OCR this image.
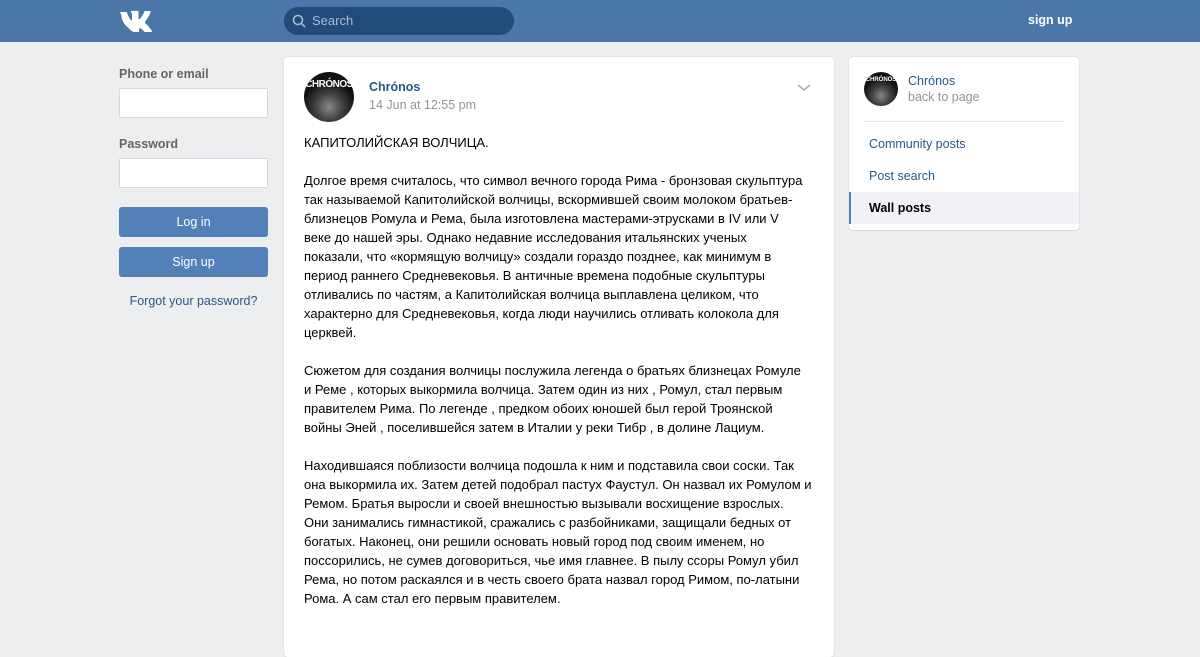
Search	sign up
Phone or email
Password
Log in
Sign up
Forgot your password?
CHRÓNOS Chrónos
14 Jun at 12:55 pm
КАПИТОЛИЙСКАЯ ВОЛЧИЦА.
Долгое время считалось, что символ вечного города Рима - бронзовая скульптура
так называемой Капитолийской волчицы, вскормившей своим молоком братьев-
близнецов Ромула и Рема, была изготовлена мастерами-этрусками в IV или V
веке до нашей эры. Однако недавние исследования итальянских ученых
показали, что «кормящую волчицу» создали гораздо позднее, как минимум в
период раннего Средневековья. В античные времена подобные скульптуры
отливались по частям, а Капитолийская волчица выплавлена целиком, что
характерно для Средневековья, когда люди научились отливать колокола для
церквей.
Сюжетом для создания волчицы послужила легенда о братьях близнецах Ромуле
и Реме , которых выкормила волчица. Затем один из них , Ромул, стал первым
правителем Рима. По легенде , предком обоих юношей был герой Троянской
войны Эней , поселившейся затем в Италии у реки Тибр , в долине Лациум.
Находившаяся поблизости волчица подошла к ним и подставила свои соски. Так
она выкормила их. Затем детей подобрал пастух Фаустул. Он назвал их Ромулом и
Ремом. Братья выросли и своей внешностью вызывали восхищение взрослых.
Они занимались гимнастикой, сражались с разбойниками, защищали бедных от
богатых. Наконец, они решили основать новый город под своим именем, но
поссорились, не сумев договориться, чье имя главнее. В пылу ссоры Ромул убил
Рема, но потом раскаялся и в честь своего брата назвал город Римом, по-латыни
Рома. А сам стал его первым правителем.
CHRÓNOS Chrónos
back to page
Community posts
Post search
Wall posts
